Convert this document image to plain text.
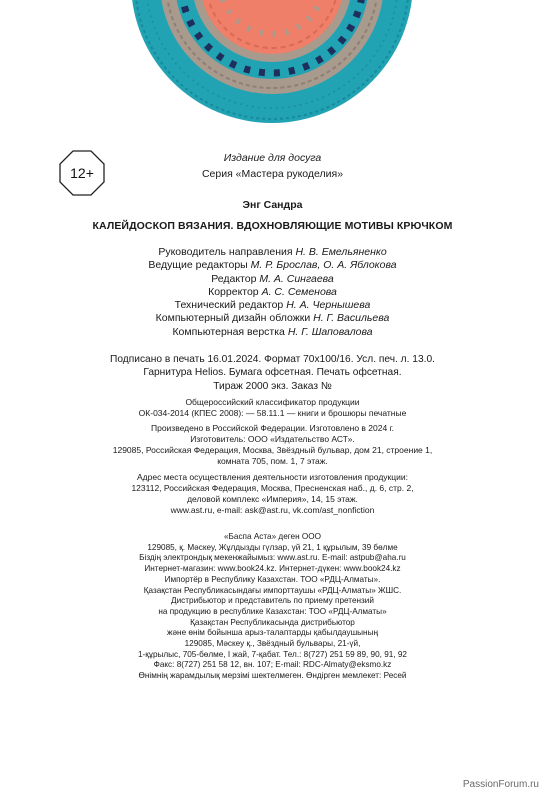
12+
Издание для досуга
Серия «Мастера рукоделия»
Энг Сандра
КАЛЕЙДОСКОП ВЯЗАНИЯ. ВДОХНОВЛЯЮЩИЕ МОТИВЫ КРЮЧКОМ
Руководитель направления Н. В. Емельяненко
Ведущие редакторы М. Р. Брослав, О. А. Яблокова
Редактор М. А. Сингаева
Корректор А. С. Семенова
Технический редактор Н. А. Чернышева
Компьютерный дизайн обложки Н. Г. Васильева
Компьютерная верстка Н. Г. Шаповалова
Подписано в печать 16.01.2024. Формат 70x100/16. Усл. печ. л. 13.0.
Гарнитура Helios. Бумага офсетная. Печать офсетная.
Тираж 2000 экз. Заказ №
Общероссийский классификатор продукции
ОК-034-2014 (КПЕС 2008): — 58.11.1 — книги и брошюры печатные
Произведено в Российской Федерации. Изготовлено в 2024 г.
Изготовитель: ООО «Издательство АСТ».
129085, Российская Федерация, Москва, Звёздный бульвар, дом 21, строение 1,
комната 705, пом. 1, 7 этаж.
Адрес места осуществления деятельности изготовления продукции:
123112, Российская Федерация, Москва, Пресненская наб., д. 6, стр. 2,
деловой комплекс «Империя», 14, 15 этаж.
www.ast.ru, e-mail: ask@ast.ru, vk.com/ast_nonfiction
«Баспа Аста» деген ООО
129085, қ. Мәскеу, Жұлдызды гүлзар, үй 21, 1 құрылым, 39 бөлме
Біздің электрондық мекенжайымыз: www.ast.ru. E-mail: astpub@aha.ru
Интернет-магазин: www.book24.kz. Интернет-дүкен: www.book24.kz
Импортёр в Республику Казахстан. ТОО «РДЦ-Алматы».
Қазақстан Республикасындағы импорттаушы «РДЦ-Алматы» ЖШС.
Дистрибьютор и представитель по приему претензий
на продукцию в республике Казахстан: ТОО «РДЦ-Алматы»
Қазақстан Республикасында дистрибьютор
және өнім бойынша арыз-талаптарды қабылдаушының
129085, Мәскеу қ., Звёздный бульвары, 21-үй,
1-құрылыс, 705-бөлме, I жай, 7-қабат. Тел.: 8(727) 251 59 89, 90, 91, 92
Факс: 8(727) 251 58 12, вн. 107; E-mail: RDC-Almaty@eksmo.kz
Өнімнің жарамдылық мерзімі шектелмеген. Өндірген мемлекет: Ресей
PassionForum.ru
